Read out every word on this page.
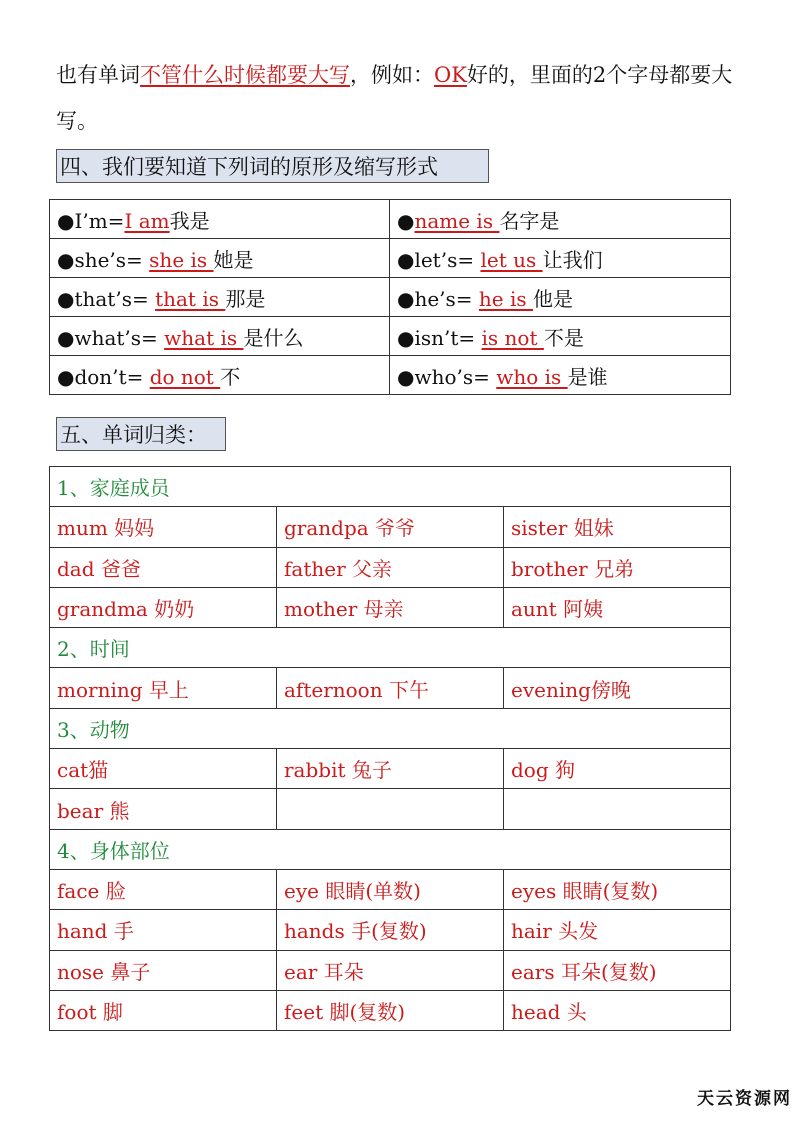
也有单词不管什么时候都要大写，例如：OK好的，里面的2个字母都要大写。
四、我们要知道下列词的原形及缩写形式
●I’m=I am我是	●name is 名字是
●she’s= she is 她是	●let’s= let us 让我们
●that’s= that is 那是	●he’s= he is 他是
●what’s= what is 是什么	●isn’t= is not 不是
●don’t= do not 不	●who’s= who is 是谁
五、单词归类：
1、家庭成员		
mum 妈妈	grandpa 爷爷	sister 姐妹
dad 爸爸	father 父亲	brother 兄弟
grandma 奶奶	mother 母亲	aunt 阿姨
2、时间		
morning 早上	afternoon 下午	evening傍晚
3、动物		
cat猫	rabbit 兔子	dog 狗
bear 熊		
4、身体部位		
face 脸	eye 眼睛(单数)	eyes 眼睛(复数)
hand 手	hands 手(复数)	hair 头发
nose 鼻子	ear 耳朵	ears 耳朵(复数)
foot 脚	feet 脚(复数)	head 头
天云资源网
